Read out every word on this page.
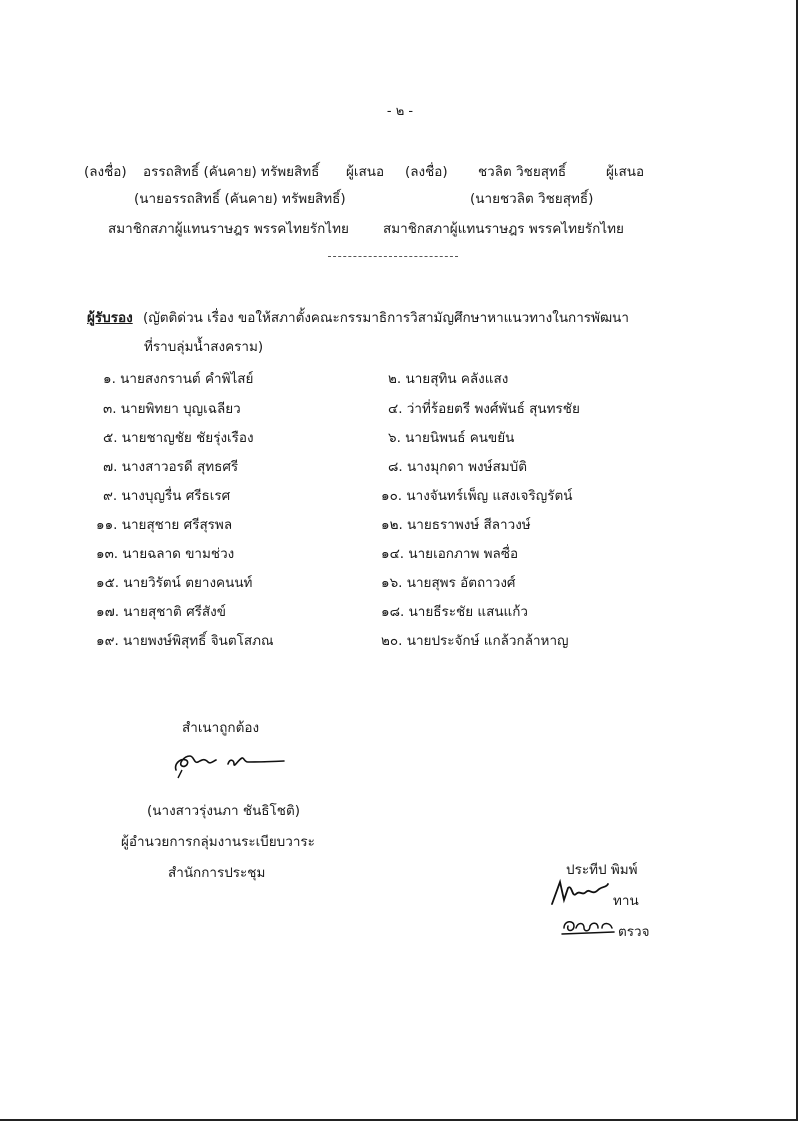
- ๒ -
(ลงชื่อ) อรรถสิทธิ์ (คันคาย) ทรัพยสิทธิ์ ผู้เสนอ
(นายอรรถสิทธิ์ (คันคาย) ทรัพยสิทธิ์)
สมาชิกสภาผู้แทนราษฎร พรรคไทยรักไทย
(ลงชื่อ) ชวลิต วิชยสุทธิ์	ผู้เสนอ
(นายชวลิต วิชยสุทธิ์)
สมาชิกสภาผู้แทนราษฎร พรรคไทยรักไทย
ผู้รับรอง (ญัตติด่วน เรื่อง ขอให้สภาตั้งคณะกรรมาธิการวิสามัญศึกษาหาแนวทางในการพัฒนา
ที่ราบลุ่มน้ำสงคราม)
๑. นายสงกรานต์ คำพิไสย์
๓. นายพิทยา บุญเฉลียว
๕. นายชาญชัย ชัยรุ่งเรือง
๗. นางสาวอรดี สุทธศรี
๙. นางบุญรื่น ศรีธเรศ
๑๑. นายสุชาย ศรีสุรพล
๑๓. นายฉลาด ขามช่วง
๑๕. นายวิรัตน์ ตยางคนนท์
๑๗. นายสุชาติ ศรีสังข์
๑๙. นายพงษ์พิสุทธิ์ จินตโสภณ
๒. นายสุทิน คลังแสง
๔. ว่าที่ร้อยตรี พงศ์พันธ์ สุนทรชัย
๖. นายนิพนธ์ คนขยัน
๘. นางมุกดา พงษ์สมบัติ
๑๐. นางจันทร์เพ็ญ แสงเจริญรัตน์
๑๒. นายธราพงษ์ สีลาวงษ์
๑๔. นายเอกภาพ พลซื่อ
๑๖. นายสุพร อัตถาวงศ์
๑๘. นายธีระชัย แสนแก้ว
๒๐. นายประจักษ์ แกล้วกล้าหาญ
สำเนาถูกต้อง
(นางสาวรุ่งนภา ชันธิโชติ)
ผู้อำนวยการกลุ่มงานระเบียบวาระ
สำนักการประชุม	ประทีป พิมพ์
ทาน
ตรวจ
